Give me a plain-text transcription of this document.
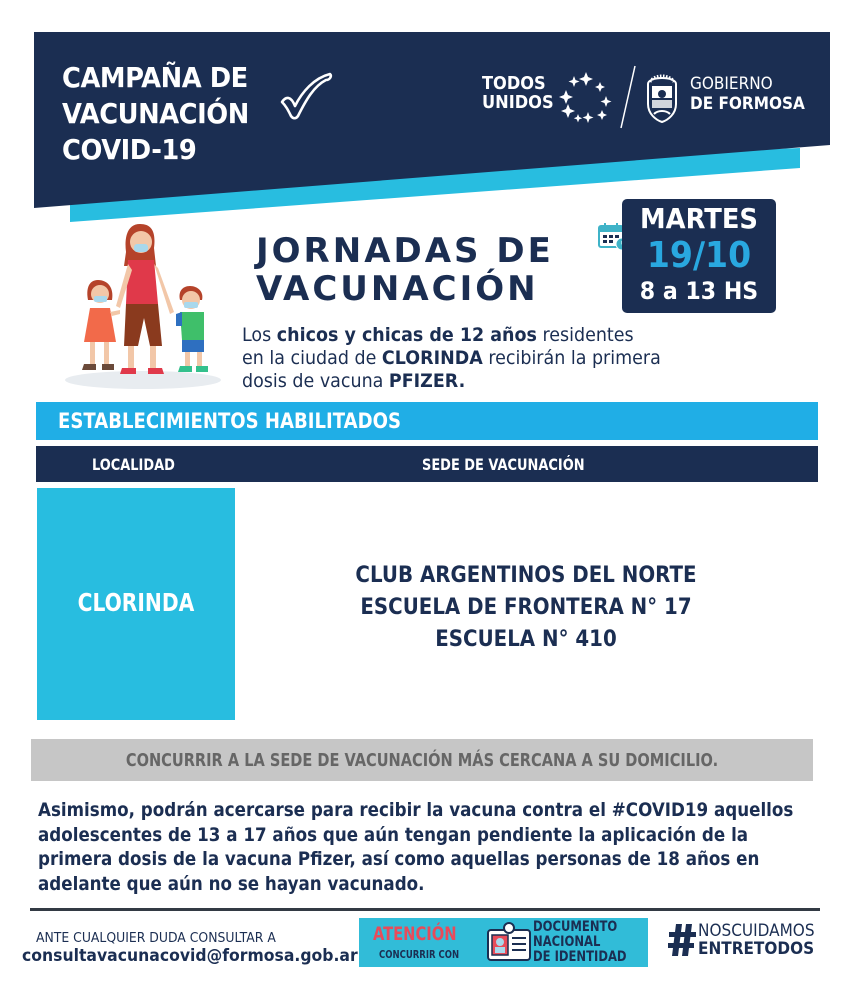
CAMPAÑA DE
VACUNACIÓN
COVID-19
TODOS
UNIDOS
GOBIERNO
DE FORMOSA
JORNADAS DE
VACUNACIÓN
Los chicos y chicas de 12 años residentes
en la ciudad de CLORINDA recibirán la primera
dosis de vacuna PFIZER.
MARTES
19/10
8 a 13 HS
ESTABLECIMIENTOS HABILITADOS
LOCALIDAD	SEDE DE VACUNACIÓN
CLORINDA
CLUB ARGENTINOS DEL NORTE
ESCUELA DE FRONTERA N° 17
ESCUELA N° 410
CONCURRIR A LA SEDE DE VACUNACIÓN MÁS CERCANA A SU DOMICILIO.
Asimismo, podrán acercarse para recibir la vacuna contra el #COVID19 aquellos
adolescentes de 13 a 17 años que aún tengan pendiente la aplicación de la
primera dosis de la vacuna Pfizer, así como aquellas personas de 18 años en
adelante que aún no se hayan vacunado.
ANTE CUALQUIER DUDA CONSULTAR A
consultavacunacovid@formosa.gob.ar
ATENCIÓN
CONCURRIR CON
DOCUMENTO
NACIONAL
DE IDENTIDAD
NOSCUIDAMOS
ENTRETODOS
